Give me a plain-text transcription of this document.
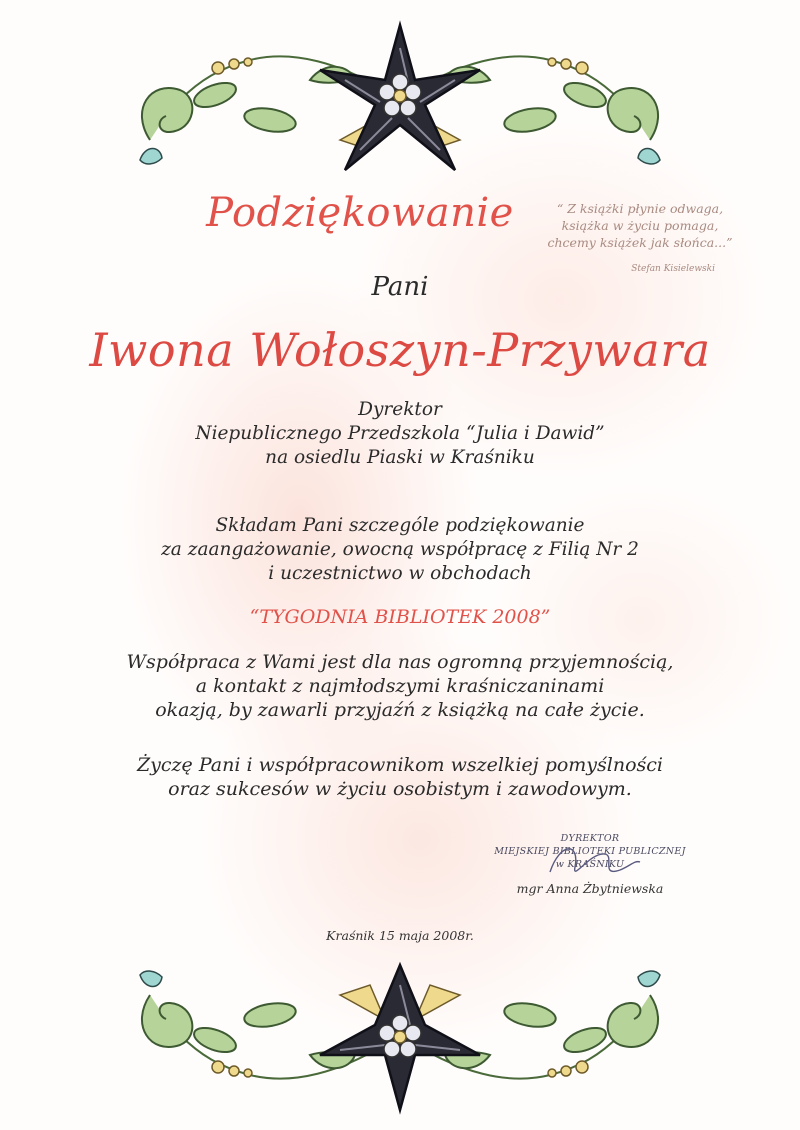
Podziękowanie	“ Z książki płynie odwaga,
książka w życiu pomaga,
chcemy książek jak słońca...”
Stefan Kisielewski
Pani
Iwona Wołoszyn-Przywara
Dyrektor
Niepublicznego Przedszkola “Julia i Dawid”
na osiedlu Piaski w Kraśniku
Składam Pani szczególe podziękowanie
za zaangażowanie, owocną współpracę z Filią Nr 2
i uczestnictwo w obchodach
“TYGODNIA BIBLIOTEK 2008”
Współpraca z Wami jest dla nas ogromną przyjemnością,
a kontakt z najmłodszymi kraśniczaninami
okazją, by zawarli przyjaźń z książką na całe życie.
Życzę Pani i współpracownikom wszelkiej pomyślności
oraz sukcesów w życiu osobistym i zawodowym.
DYREKTOR
MIEJSKIEJ BIBLIOTEKI PUBLICZNEJ
w KRAŚNIKU
mgr Anna Żbytniewska
Kraśnik 15 maja 2008r.
